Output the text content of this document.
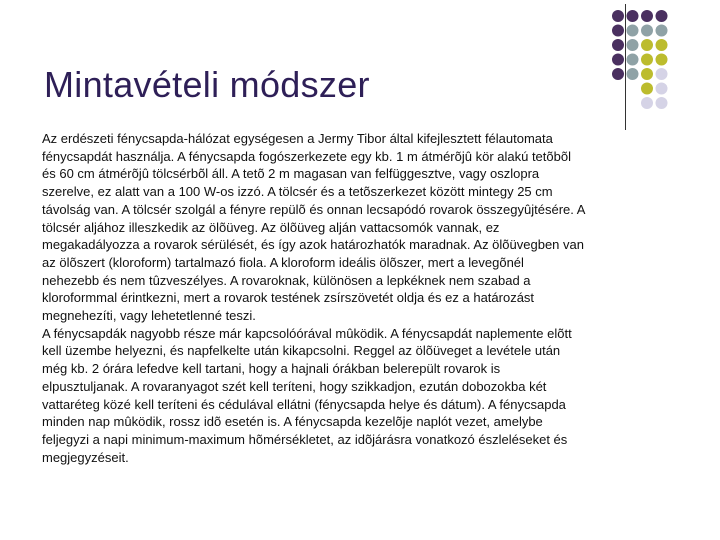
Mintavételi módszer
Az erdészeti fénycsapda-hálózat egységesen a Jermy Tibor által kifejlesztett félautomata
fénycsapdát használja. A fénycsapda fogószerkezete egy kb. 1 m átmérõjû kör alakú tetõbõl
és 60 cm átmérõjû tölcsérbõl áll. A tetõ 2 m magasan van felfüggesztve, vagy oszlopra
szerelve, ez alatt van a 100 W-os izzó. A tölcsér és a tetõszerkezet között mintegy 25 cm
távolság van. A tölcsér szolgál a fényre repülõ és onnan lecsapódó rovarok összegyûjtésére. A
tölcsér aljához illeszkedik az ölõüveg. Az ölõüveg alján vattacsomók vannak, ez
megakadályozza a rovarok sérülését, és így azok határozhatók maradnak. Az ölõüvegben van
az ölõszert (kloroform) tartalmazó fiola. A kloroform ideális ölõszer, mert a levegõnél
nehezebb és nem tûzveszélyes. A rovaroknak, különösen a lepkéknek nem szabad a
kloroformmal érintkezni, mert a rovarok testének zsírszövetét oldja és ez a határozást
megnehezíti, vagy lehetetlenné teszi.
A fénycsapdák nagyobb része már kapcsolóórával mûködik. A fénycsapdát naplemente elõtt
kell üzembe helyezni, és napfelkelte után kikapcsolni. Reggel az ölõüveget a levétele után
még kb. 2 órára lefedve kell tartani, hogy a hajnali órákban belerepült rovarok is
elpusztuljanak. A rovaranyagot szét kell teríteni, hogy szikkadjon, ezután dobozokba két
vattaréteg közé kell teríteni és cédulával ellátni (fénycsapda helye és dátum). A fénycsapda
minden nap mûködik, rossz idõ esetén is. A fénycsapda kezelõje naplót vezet, amelybe
feljegyzi a napi minimum-maximum hõmérsékletet, az idõjárásra vonatkozó észleléseket és
megjegyzéseit.
